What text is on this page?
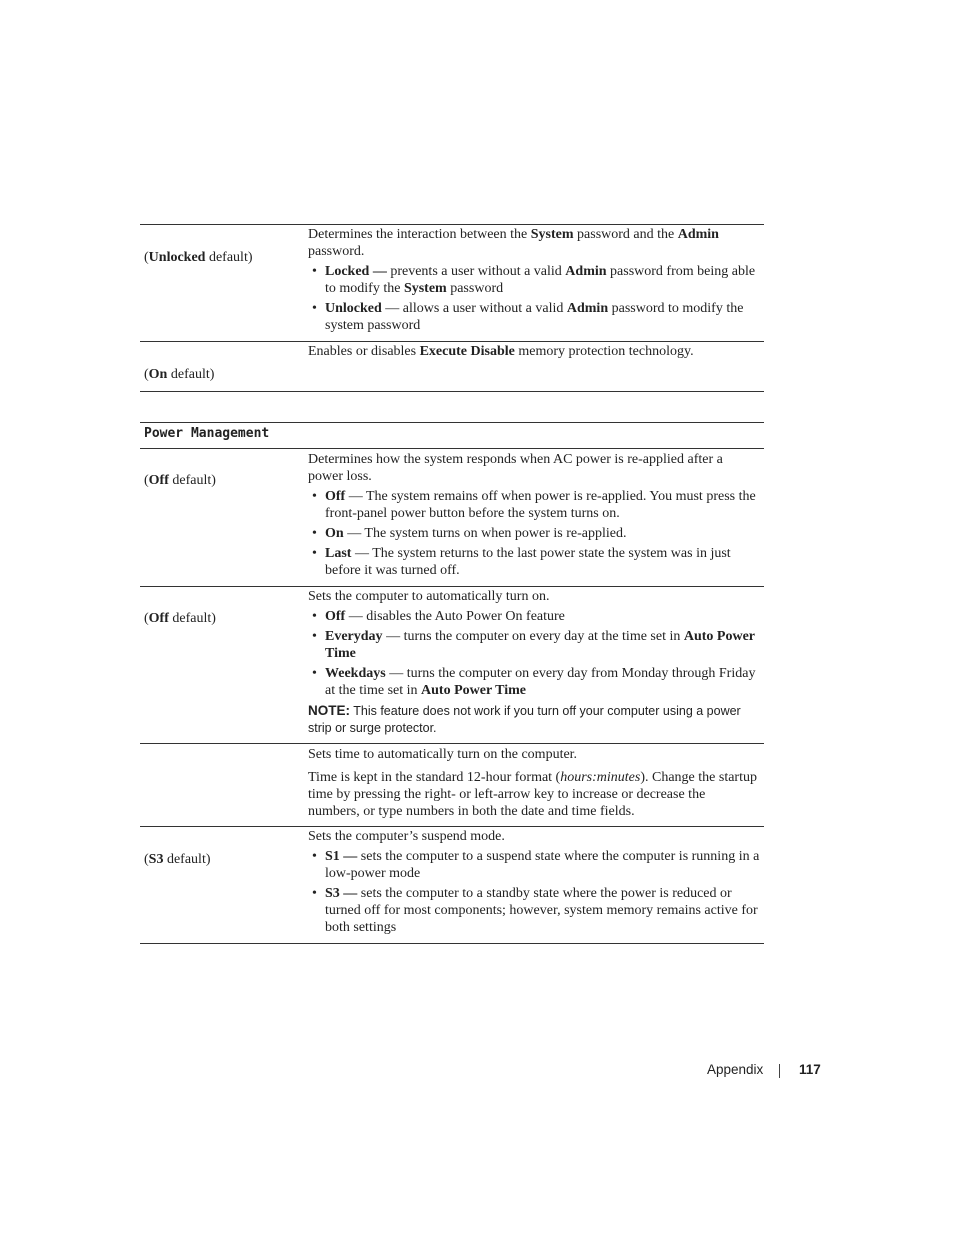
(Unlocked default)

Determines the interaction between the System password and the Admin password.

• Locked — prevents a user without a valid Admin password from being able to modify the System password

• Unlocked — allows a user without a valid Admin password to modify the system password

(On default)

Enables or disables Execute Disable memory protection technology.

Power Management
(Off default)

Determines how the system responds when AC power is re-applied after a power loss.

• Off — The system remains off when power is re-applied. You must press the front-panel power button before the system turns on.

• On — The system turns on when power is re-applied.

• Last — The system returns to the last power state the system was in just before it was turned off.

(Off default)

Sets the computer to automatically turn on.

• Off — disables the Auto Power On feature

• Everyday — turns the computer on every day at the time set in Auto Power Time

• Weekdays — turns the computer on every day from Monday through Friday at the time set in Auto Power Time

NOTE: This feature does not work if you turn off your computer using a power strip or surge protector.

Sets time to automatically turn on the computer.

Time is kept in the standard 12-hour format (hours:minutes). Change the startup time by pressing the right- or left-arrow key to increase or decrease the numbers, or type numbers in both the date and time fields.

(S3 default)

Sets the computer’s suspend mode.

• S1 — sets the computer to a suspend state where the computer is running in a low-power mode

• S3 — sets the computer to a standby state where the power is reduced or turned off for most components; however, system memory remains active for both settings

Appendix	117
